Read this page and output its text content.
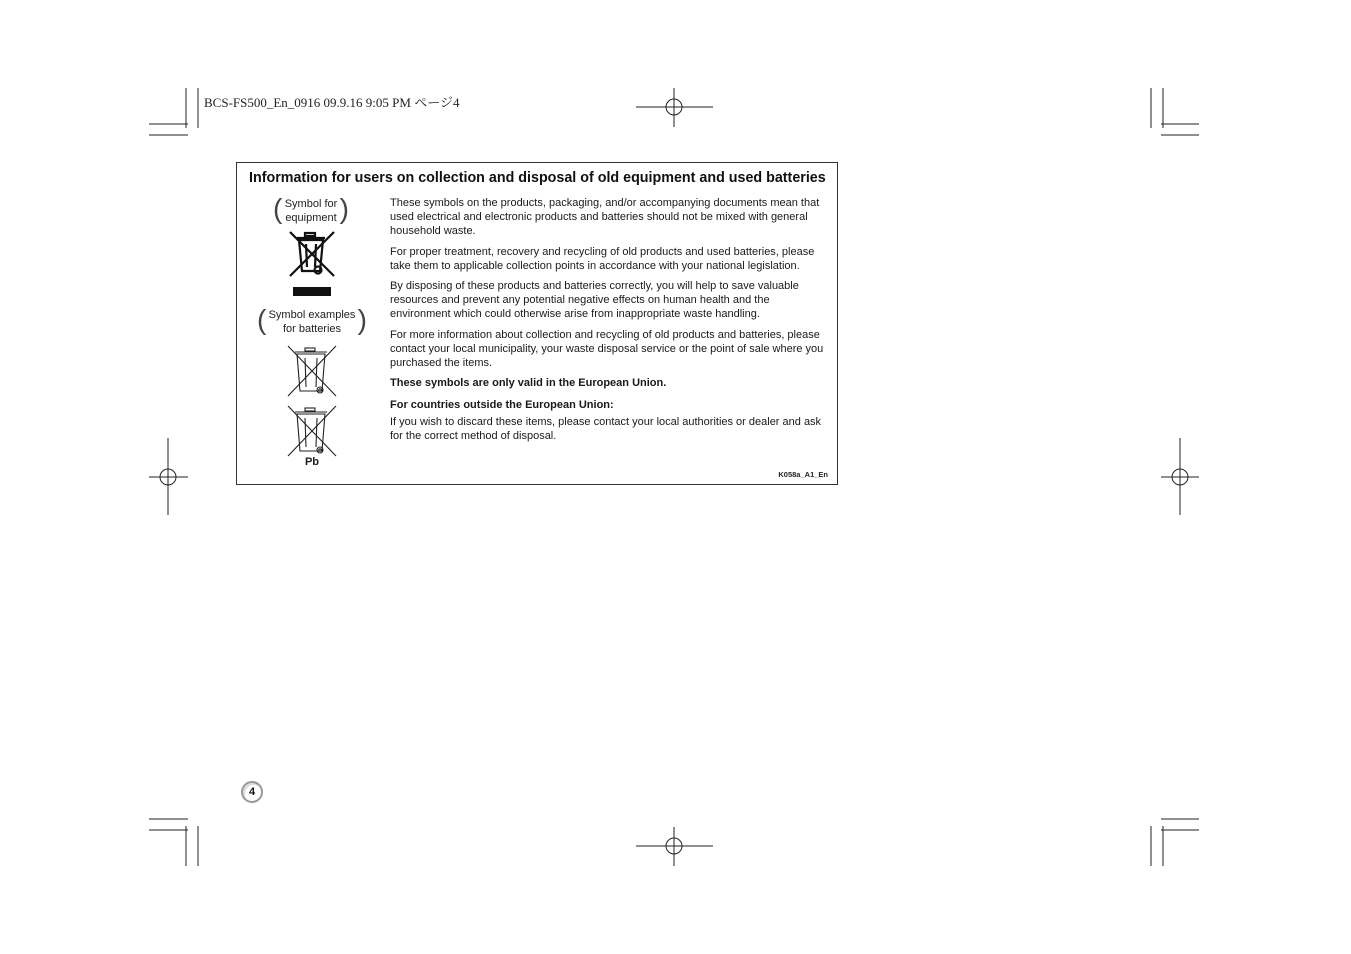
BCS-FS500_En_0916 09.9.16 9:05 PM ページ4
Information for users on collection and disposal of old equipment and used batteries
( Symbol for
equipment )
( Symbol examples
for batteries )
Pb

These symbols on the products, packaging, and/or accompanying documents mean that used electrical and electronic products and batteries should not be mixed with general household waste.

For proper treatment, recovery and recycling of old products and used batteries, please take them to applicable collection points in accordance with your national legislation.

By disposing of these products and batteries correctly, you will help to save valuable resources and prevent any potential negative effects on human health and the environment which could otherwise arise from inappropriate waste handling.

For more information about collection and recycling of old products and batteries, please contact your local municipality, your waste disposal service or the point of sale where you purchased the items.

These symbols are only valid in the European Union.

For countries outside the European Union:

If you wish to discard these items, please contact your local authorities or dealer and ask for the correct method of disposal.

K058a_A1_En
4
